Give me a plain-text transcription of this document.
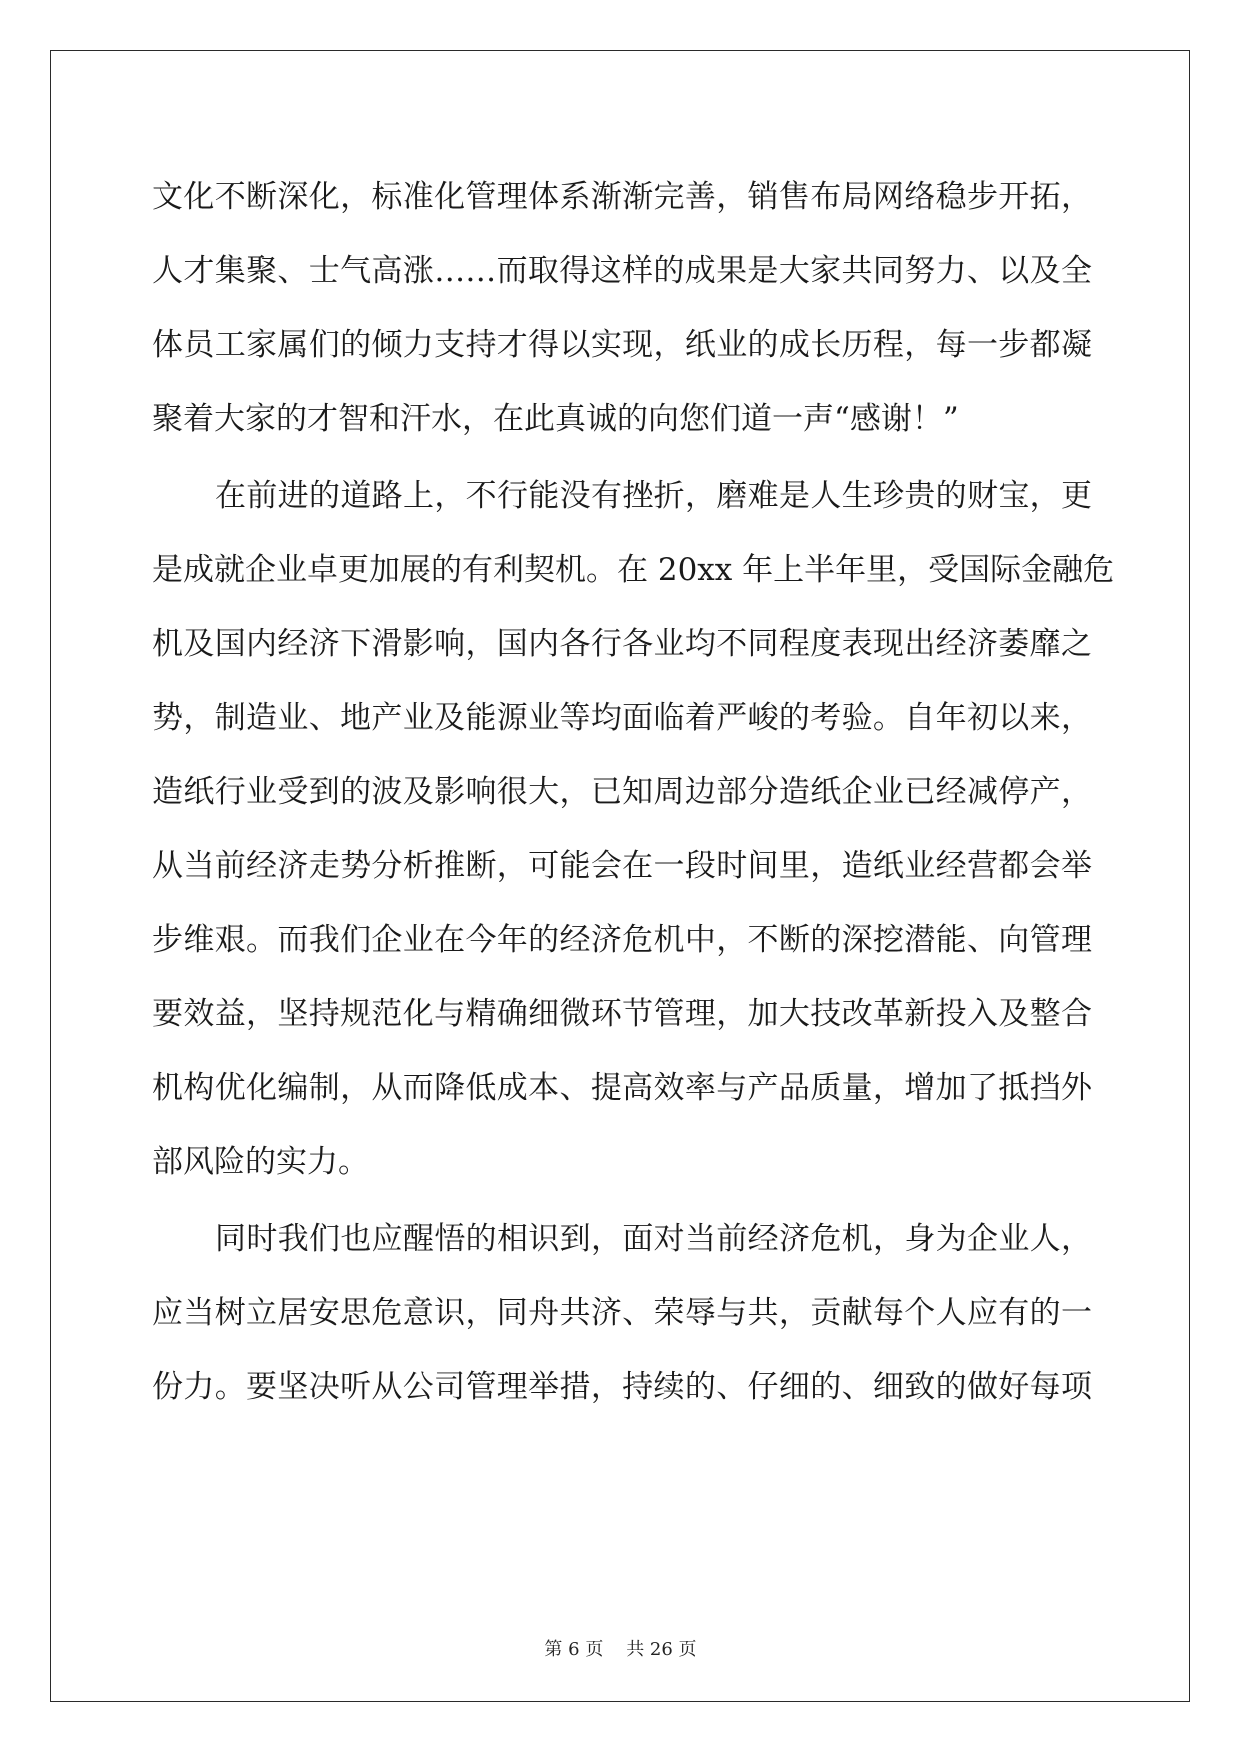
文化不断深化，标准化管理体系渐渐完善，销售布局网络稳步开拓，
人才集聚、士气高涨……而取得这样的成果是大家共同努力、以及全
体员工家属们的倾力支持才得以实现，纸业的成长历程，每一步都凝
聚着大家的才智和汗水，在此真诚的向您们道一声“感谢！”
在前进的道路上，不行能没有挫折，磨难是人生珍贵的财宝，更
是成就企业卓更加展的有利契机。在 20xx 年上半年里，受国际金融危
机及国内经济下滑影响，国内各行各业均不同程度表现出经济萎靡之
势，制造业、地产业及能源业等均面临着严峻的考验。自年初以来，
造纸行业受到的波及影响很大，已知周边部分造纸企业已经减停产，
从当前经济走势分析推断，可能会在一段时间里，造纸业经营都会举
步维艰。而我们企业在今年的经济危机中，不断的深挖潜能、向管理
要效益，坚持规范化与精确细微环节管理，加大技改革新投入及整合
机构优化编制，从而降低成本、提高效率与产品质量，增加了抵挡外
部风险的实力。
同时我们也应醒悟的相识到，面对当前经济危机，身为企业人，
应当树立居安思危意识，同舟共济、荣辱与共，贡献每个人应有的一
份力。要坚决听从公司管理举措，持续的、仔细的、细致的做好每项
第 6 页    共 26 页
